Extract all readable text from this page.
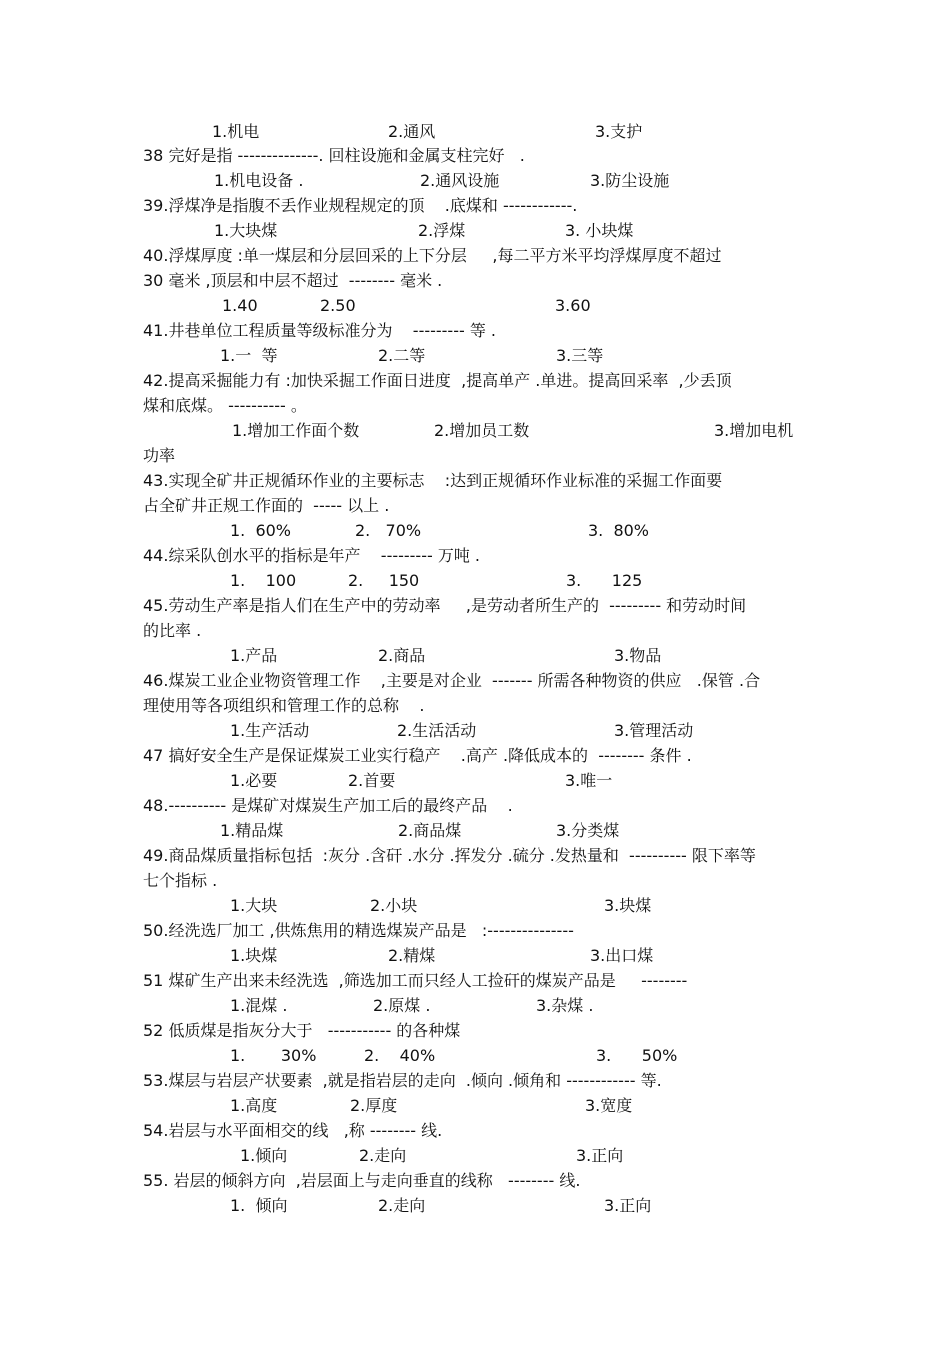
1.机电	2.通风	3.支护
38 完好是指 --------------. 回柱设施和金属支柱完好   .
1.机电设备 .	2.通风设施	3.防尘设施
39.浮煤净是指腹不丢作业规程规定的顶    .底煤和 ------------.
1.大块煤	2.浮煤	3. 小块煤
40.浮煤厚度 :单一煤层和分层回采的上下分层     ,每二平方米平均浮煤厚度不超过
30 毫米 ,顶层和中层不超过  -------- 毫米 .
1.40	2.50	3.60
41.井巷单位工程质量等级标准分为    --------- 等 .
1.一  等	2.二等	3.三等
42.提高采掘能力有 :加快采掘工作面日进度  ,提高单产 .单进。提高回采率  ,少丢顶
煤和底煤。 ---------- 。
1.增加工作面个数	2.增加员工数	3.增加电机
功率
43.实现全矿井正规循环作业的主要标志    :达到正规循环作业标准的采掘工作面要
占全矿井正规工作面的  ----- 以上 .
1.  60%	2.   70%	3.  80%
44.综采队创水平的指标是年产    --------- 万吨 .
1.    100	2.     150	3.      125
45.劳动生产率是指人们在生产中的劳动率     ,是劳动者所生产的  --------- 和劳动时间
的比率 .
1.产品	2.商品	3.物品
46.煤炭工业企业物资管理工作    ,主要是对企业  ------- 所需各种物资的供应   .保管 .合
理使用等各项组织和管理工作的总称    .
1.生产活动	2.生活活动	3.管理活动
47 搞好安全生产是保证煤炭工业实行稳产    .高产 .降低成本的  -------- 条件 .
1.必要	2.首要	3.唯一
48.---------- 是煤矿对煤炭生产加工后的最终产品    .
1.精品煤	2.商品煤	3.分类煤
49.商品煤质量指标包括  :灰分 .含矸 .水分 .挥发分 .硫分 .发热量和  ---------- 限下率等
七个指标 .
1.大块	2.小块	3.块煤
50.经洗选厂加工 ,供炼焦用的精选煤炭产品是   :---------------
1.块煤	2.精煤	3.出口煤
51 煤矿生产出来未经洗选  ,筛选加工而只经人工捡矸的煤炭产品是     --------
1.混煤 .	2.原煤 .	3.杂煤 .
52 低质煤是指灰分大于   ----------- 的各种煤
1.       30%	2.    40%	3.      50%
53.煤层与岩层产状要素  ,就是指岩层的走向  .倾向 .倾角和 ------------ 等.
1.高度	2.厚度	3.宽度
54.岩层与水平面相交的线   ,称 -------- 线.
1.倾向	2.走向	3.正向
55. 岩层的倾斜方向  ,岩层面上与走向垂直的线称   -------- 线.
1.  倾向	2.走向	3.正向
